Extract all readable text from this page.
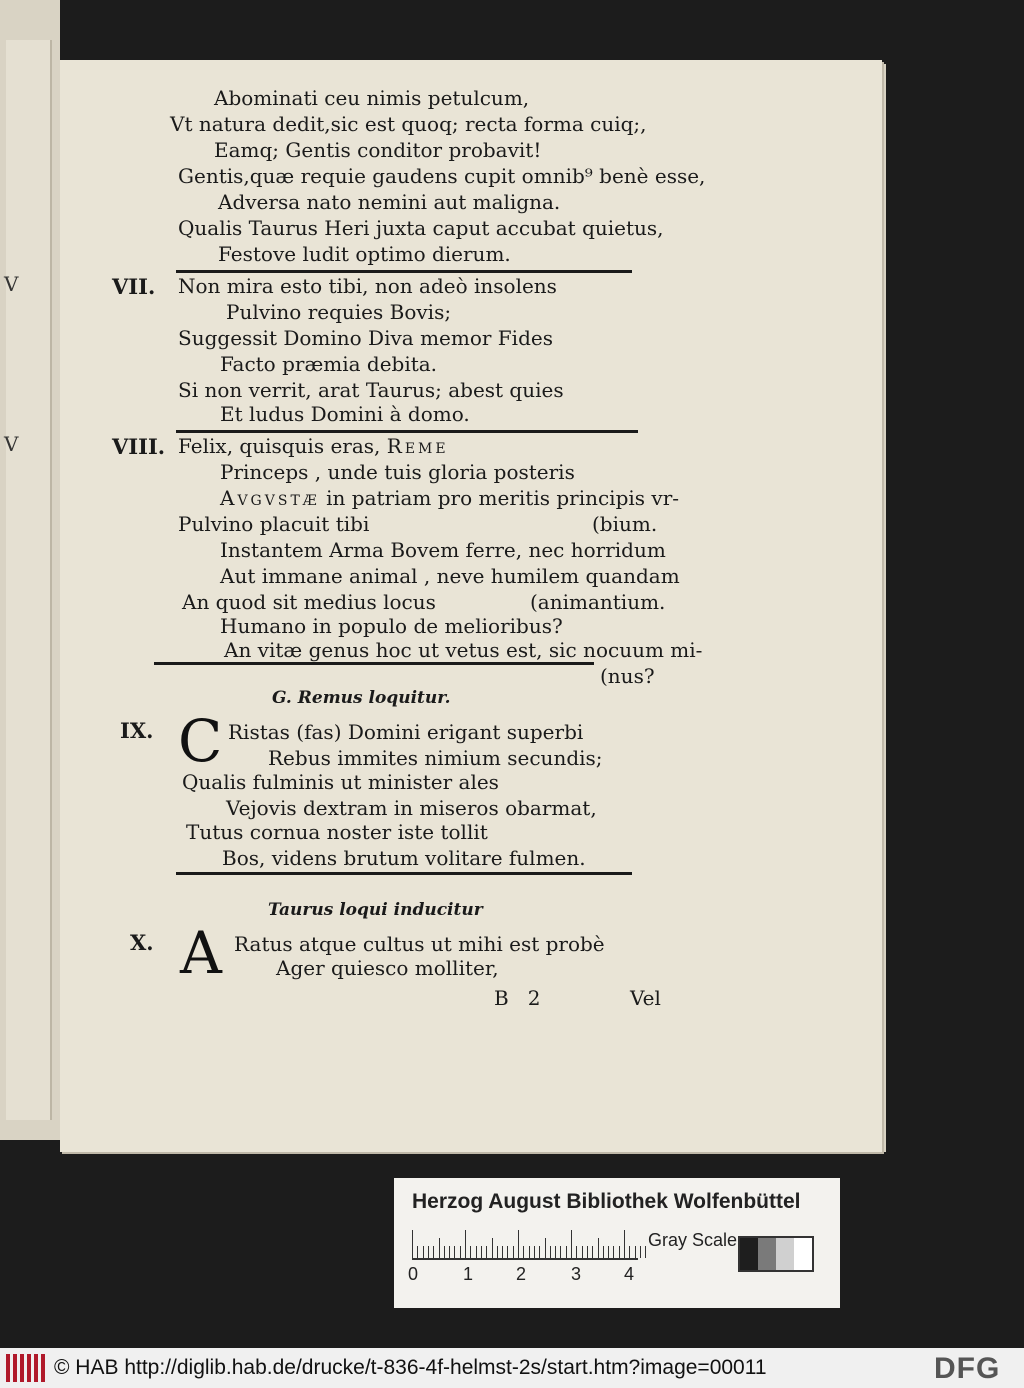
V
V
Abominati ceu nimis petulcum,
Vt natura dedit,sic est quoq; recta forma cuiq;,
Eamq; Gentis conditor probavit!
Gentis,quæ requie gaudens cupit omnib⁹ benè esse,
Adversa nato nemini aut maligna.
Qualis Taurus Heri juxta caput accubat quietus,
Festove ludit optimo dierum.
VII. Non mira esto tibi, non adeò insolens
Pulvino requies Bovis;
Suggessit Domino Diva memor Fides
Facto præmia debita.
Si non verrit, arat Taurus; abest quies
Et ludus Domini à domo.
VIII. Felix, quisquis eras, Reme
Princeps , unde tuis gloria posteris
Avgvstæ in patriam pro meritis principis vr-
Pulvino placuit tibi	(bium.
Instantem Arma Bovem ferre, nec horridum
Aut immane animal , neve humilem quandam
An quod sit medius locus	(animantium.
Humano in populo de melioribus?
An vitæ genus hoc ut vetus est, sic nocuum mi-
(nus?
G. Remus loquitur.
IX. C Ristas (fas) Domini erigant superbi
Rebus immites nimium secundis;
Qualis fulminis ut minister ales
Vejovis dextram in miseros obarmat,
Tutus cornua noster iste tollit
Bos, videns brutum volitare fulmen.
Taurus loqui inducitur
X. A Ratus atque cultus ut mihi est probè
Ager quiesco molliter,
B   2	Vel
Herzog August Bibliothek Wolfenbüttel
0 1 2 3 4
Gray Scale
© HAB http://diglib.hab.de/drucke/t-836-4f-helmst-2s/start.htm?image=00011	DFG
